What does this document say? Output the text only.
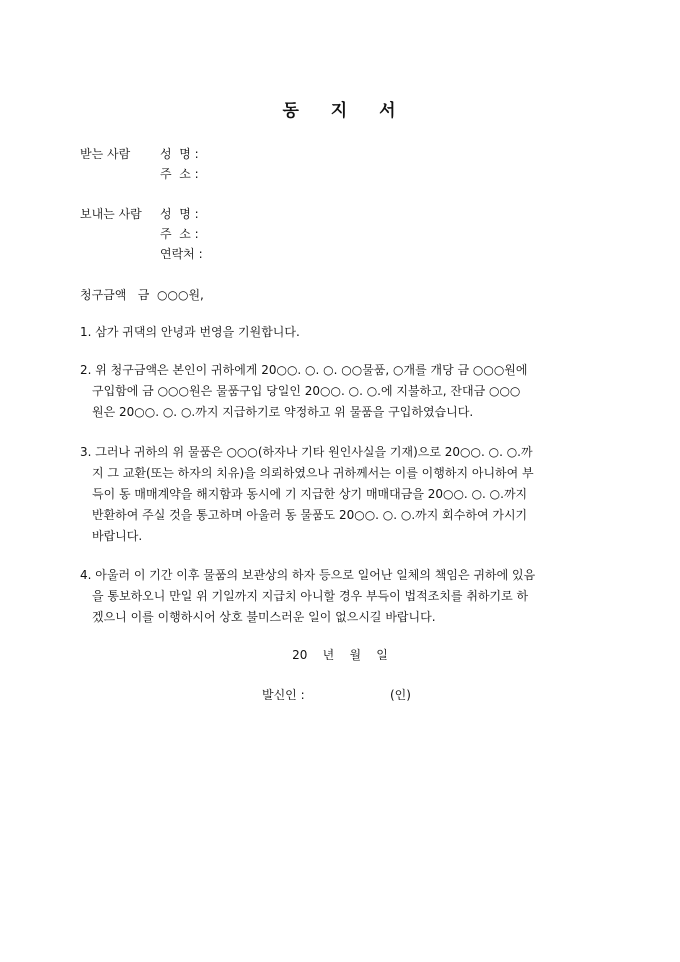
동 지 서
받는 사람 성  명 :
주  소 :
보내는 사람 성  명 :
주  소 :
연락처 :
청구금액   금  ○○○원,

1. 삼가 귀댁의 안녕과 번영을 기원합니다.

2. 위 청구금액은 본인이 귀하에게 20○○. ○. ○. ○○물품, ○개를 개당 금 ○○○원에

구입함에 금 ○○○원은 물품구입 당일인 20○○. ○. ○.에 지불하고, 잔대금 ○○○

원은 20○○. ○. ○.까지 지급하기로 약정하고 위 물품을 구입하였습니다.

3. 그러나 귀하의 위 물품은 ○○○(하자나 기타 원인사실을 기재)으로 20○○. ○. ○.까

지 그 교환(또는 하자의 치유)을 의뢰하였으나 귀하께서는 이를 이행하지 아니하여 부

득이 동 매매계약을 해지함과 동시에 기 지급한 상기 매매대금을 20○○. ○. ○.까지

반환하여 주실 것을 통고하며 아울러 동 물품도 20○○. ○. ○.까지 회수하여 가시기

바랍니다.

4. 아울러 이 기간 이후 물품의 보관상의 하자 등으로 일어난 일체의 책임은 귀하에 있음

을 통보하오니 만일 위 기일까지 지급치 아니할 경우 부득이 법적조치를 취하기로 하

겠으니 이를 이행하시어 상호 불미스러운 일이 없으시길 바랍니다.

20    년    월    일
발신인 :	(인)
